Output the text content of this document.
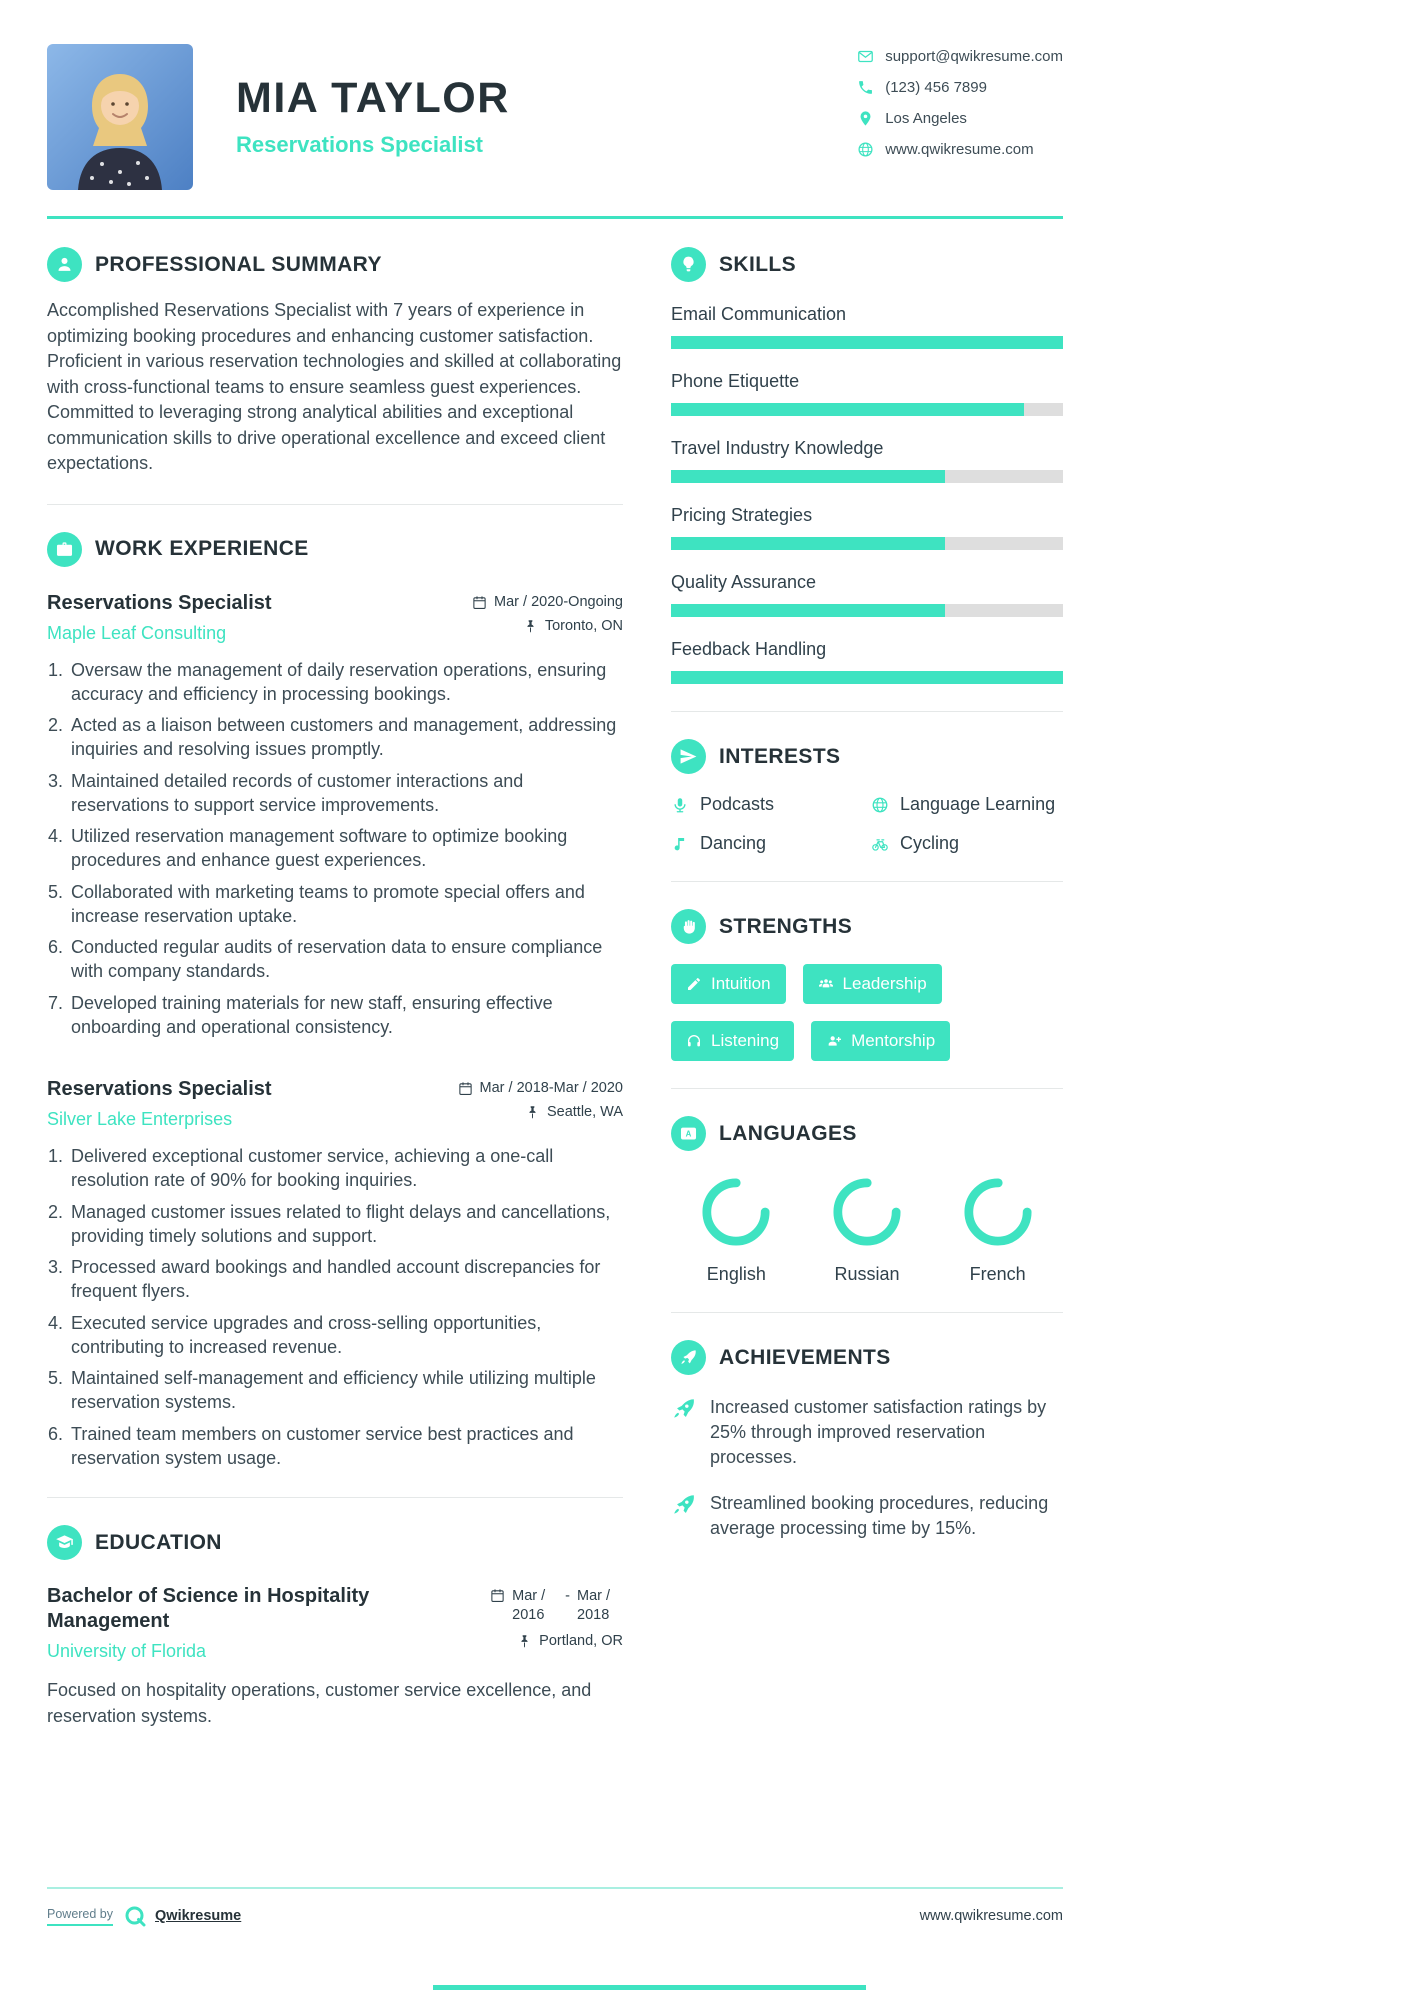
MIA TAYLOR
Reservations Specialist
support@qwikresume.com
(123) 456 7899
Los Angeles
www.qwikresume.com
PROFESSIONAL SUMMARY

Accomplished Reservations Specialist with 7 years of experience in optimizing booking procedures and enhancing customer satisfaction. Proficient in various reservation technologies and skilled at collaborating with cross-functional teams to ensure seamless guest experiences. Committed to leveraging strong analytical abilities and exceptional communication skills to drive operational excellence and exceed client expectations.

WORK EXPERIENCE
Reservations Specialist
Maple Leaf Consulting
Mar / 2020-Ongoing
Toronto, ON
1. Oversaw the management of daily reservation operations, ensuring accuracy and efficiency in processing bookings.
2. Acted as a liaison between customers and management, addressing inquiries and resolving issues promptly.
3. Maintained detailed records of customer interactions and reservations to support service improvements.
4. Utilized reservation management software to optimize booking procedures and enhance guest experiences.
5. Collaborated with marketing teams to promote special offers and increase reservation uptake.
6. Conducted regular audits of reservation data to ensure compliance with company standards.
7. Developed training materials for new staff, ensuring effective onboarding and operational consistency.
Reservations Specialist
Silver Lake Enterprises
Mar / 2018-Mar / 2020
Seattle, WA
1. Delivered exceptional customer service, achieving a one-call resolution rate of 90% for booking inquiries.
2. Managed customer issues related to flight delays and cancellations, providing timely solutions and support.
3. Processed award bookings and handled account discrepancies for frequent flyers.
4. Executed service upgrades and cross-selling opportunities, contributing to increased revenue.
5. Maintained self-management and efficiency while utilizing multiple reservation systems.
6. Trained team members on customer service best practices and reservation system usage.
EDUCATION
Bachelor of Science in Hospitality Management
University of Florida
Mar / 2016
- Mar / 2018
Portland, OR

Focused on hospitality operations, customer service excellence, and reservation systems.

SKILLS
Email Communication
Phone Etiquette
Travel Industry Knowledge
Pricing Strategies
Quality Assurance
Feedback Handling
INTERESTS
Podcasts	Language Learning
Dancing	Cycling
STRENGTHS
Intuition	Leadership
Listening	Mentorship
A LANGUAGES
English	Russian	French
ACHIEVEMENTS

Increased customer satisfaction ratings by 25% through improved reservation processes.

Streamlined booking procedures, reducing average processing time by 15%.

Powered by	Qwikresume	www.qwikresume.com
